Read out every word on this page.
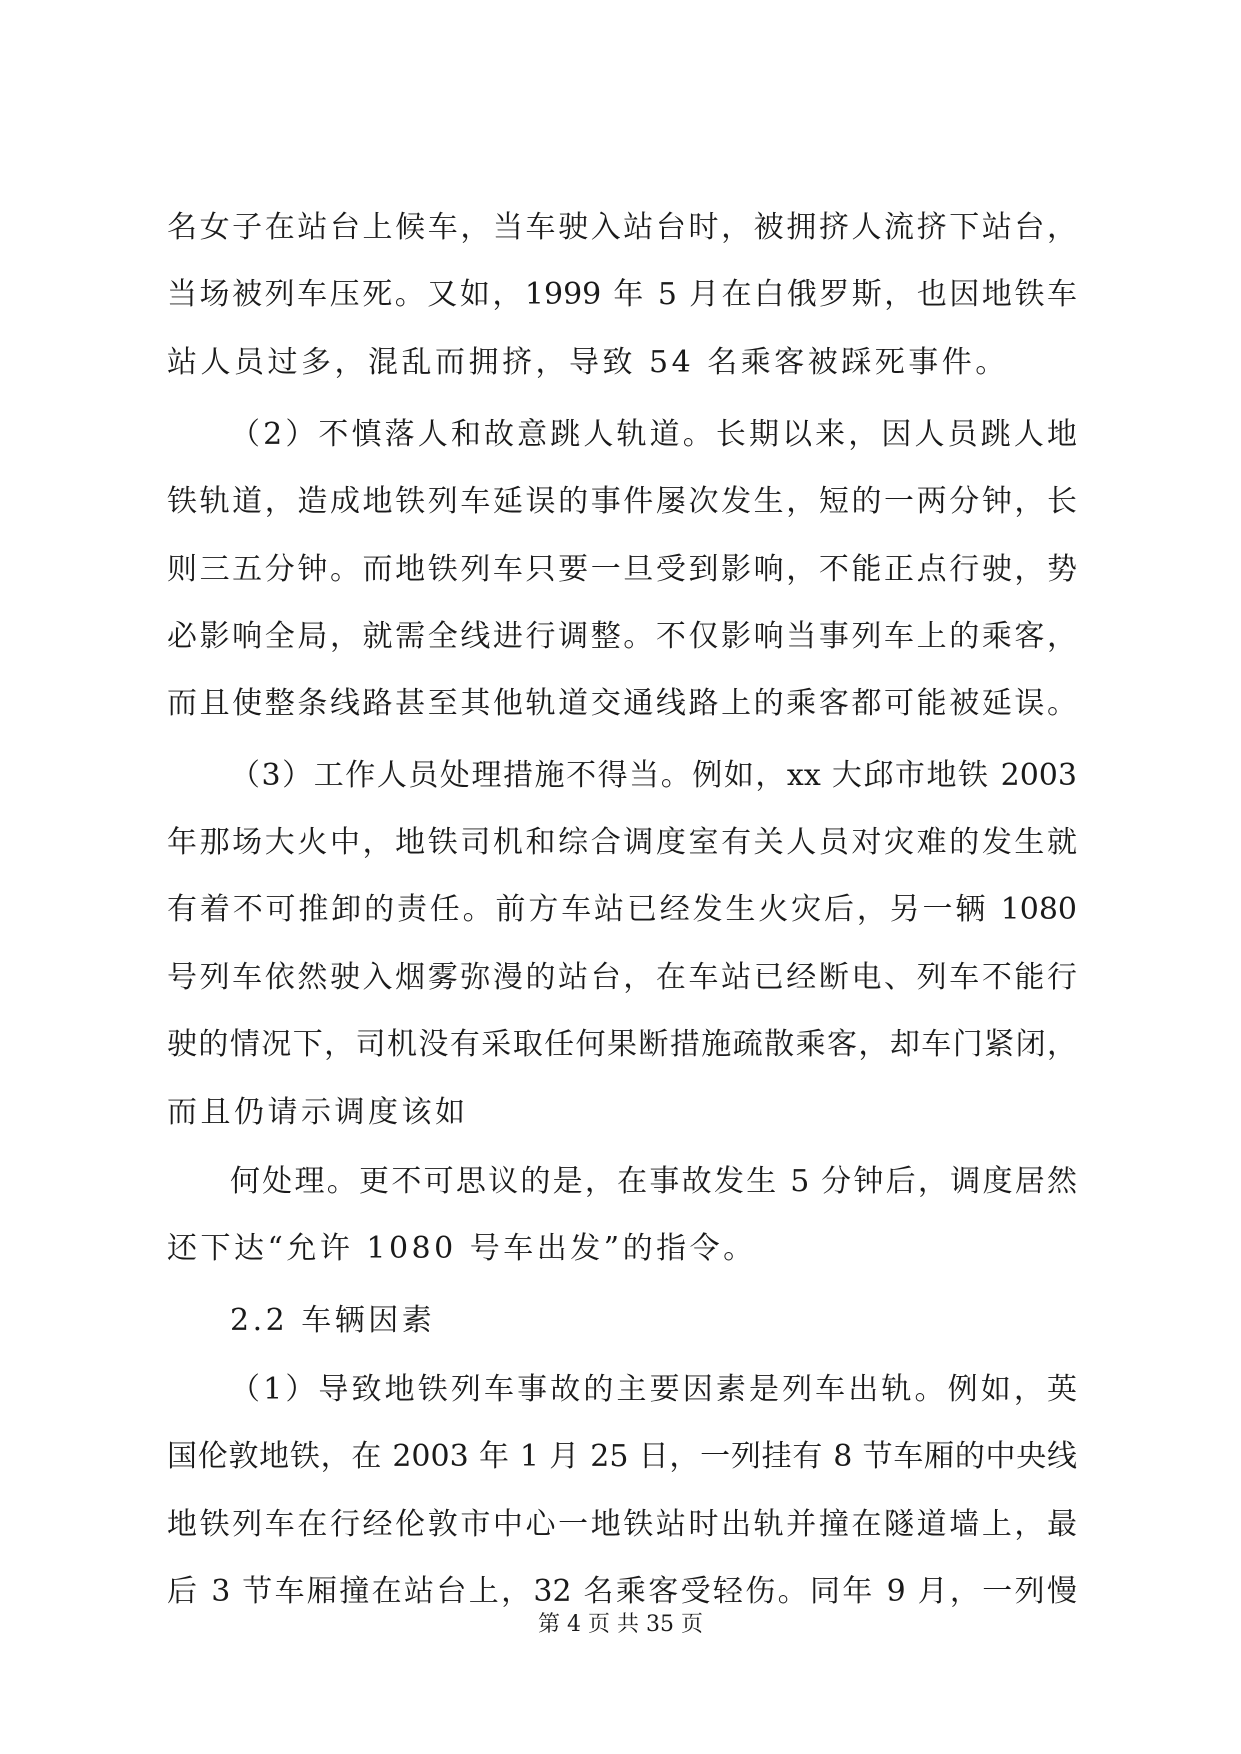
名女子在站台上候车，当车驶入站台时，被拥挤人流挤下站台，
当场被列车压死。又如，1999 年 5 月在白俄罗斯，也因地铁车
站人员过多，混乱而拥挤，导致 54 名乘客被踩死事件。
（2）不慎落人和故意跳人轨道。长期以来，因人员跳人地
铁轨道，造成地铁列车延误的事件屡次发生，短的一两分钟，长
则三五分钟。而地铁列车只要一旦受到影响，不能正点行驶，势
必影响全局，就需全线进行调整。不仅影响当事列车上的乘客，
而且使整条线路甚至其他轨道交通线路上的乘客都可能被延误。
（3）工作人员处理措施不得当。例如，xx 大邱市地铁 2003
年那场大火中，地铁司机和综合调度室有关人员对灾难的发生就
有着不可推卸的责任。前方车站已经发生火灾后，另一辆 1080
号列车依然驶入烟雾弥漫的站台，在车站已经断电、列车不能行
驶的情况下，司机没有采取任何果断措施疏散乘客，却车门紧闭，
而且仍请示调度该如
何处理。更不可思议的是，在事故发生 5 分钟后，调度居然
还下达“允许 1080 号车出发”的指令。
2.2 车辆因素
（1）导致地铁列车事故的主要因素是列车出轨。例如，英
国伦敦地铁，在 2003 年 1 月 25 日，一列挂有 8 节车厢的中央线
地铁列车在行经伦敦市中心一地铁站时出轨并撞在隧道墙上，最
后 3 节车厢撞在站台上，32 名乘客受轻伤。同年 9 月，一列慢
第 4 页 共 35 页
